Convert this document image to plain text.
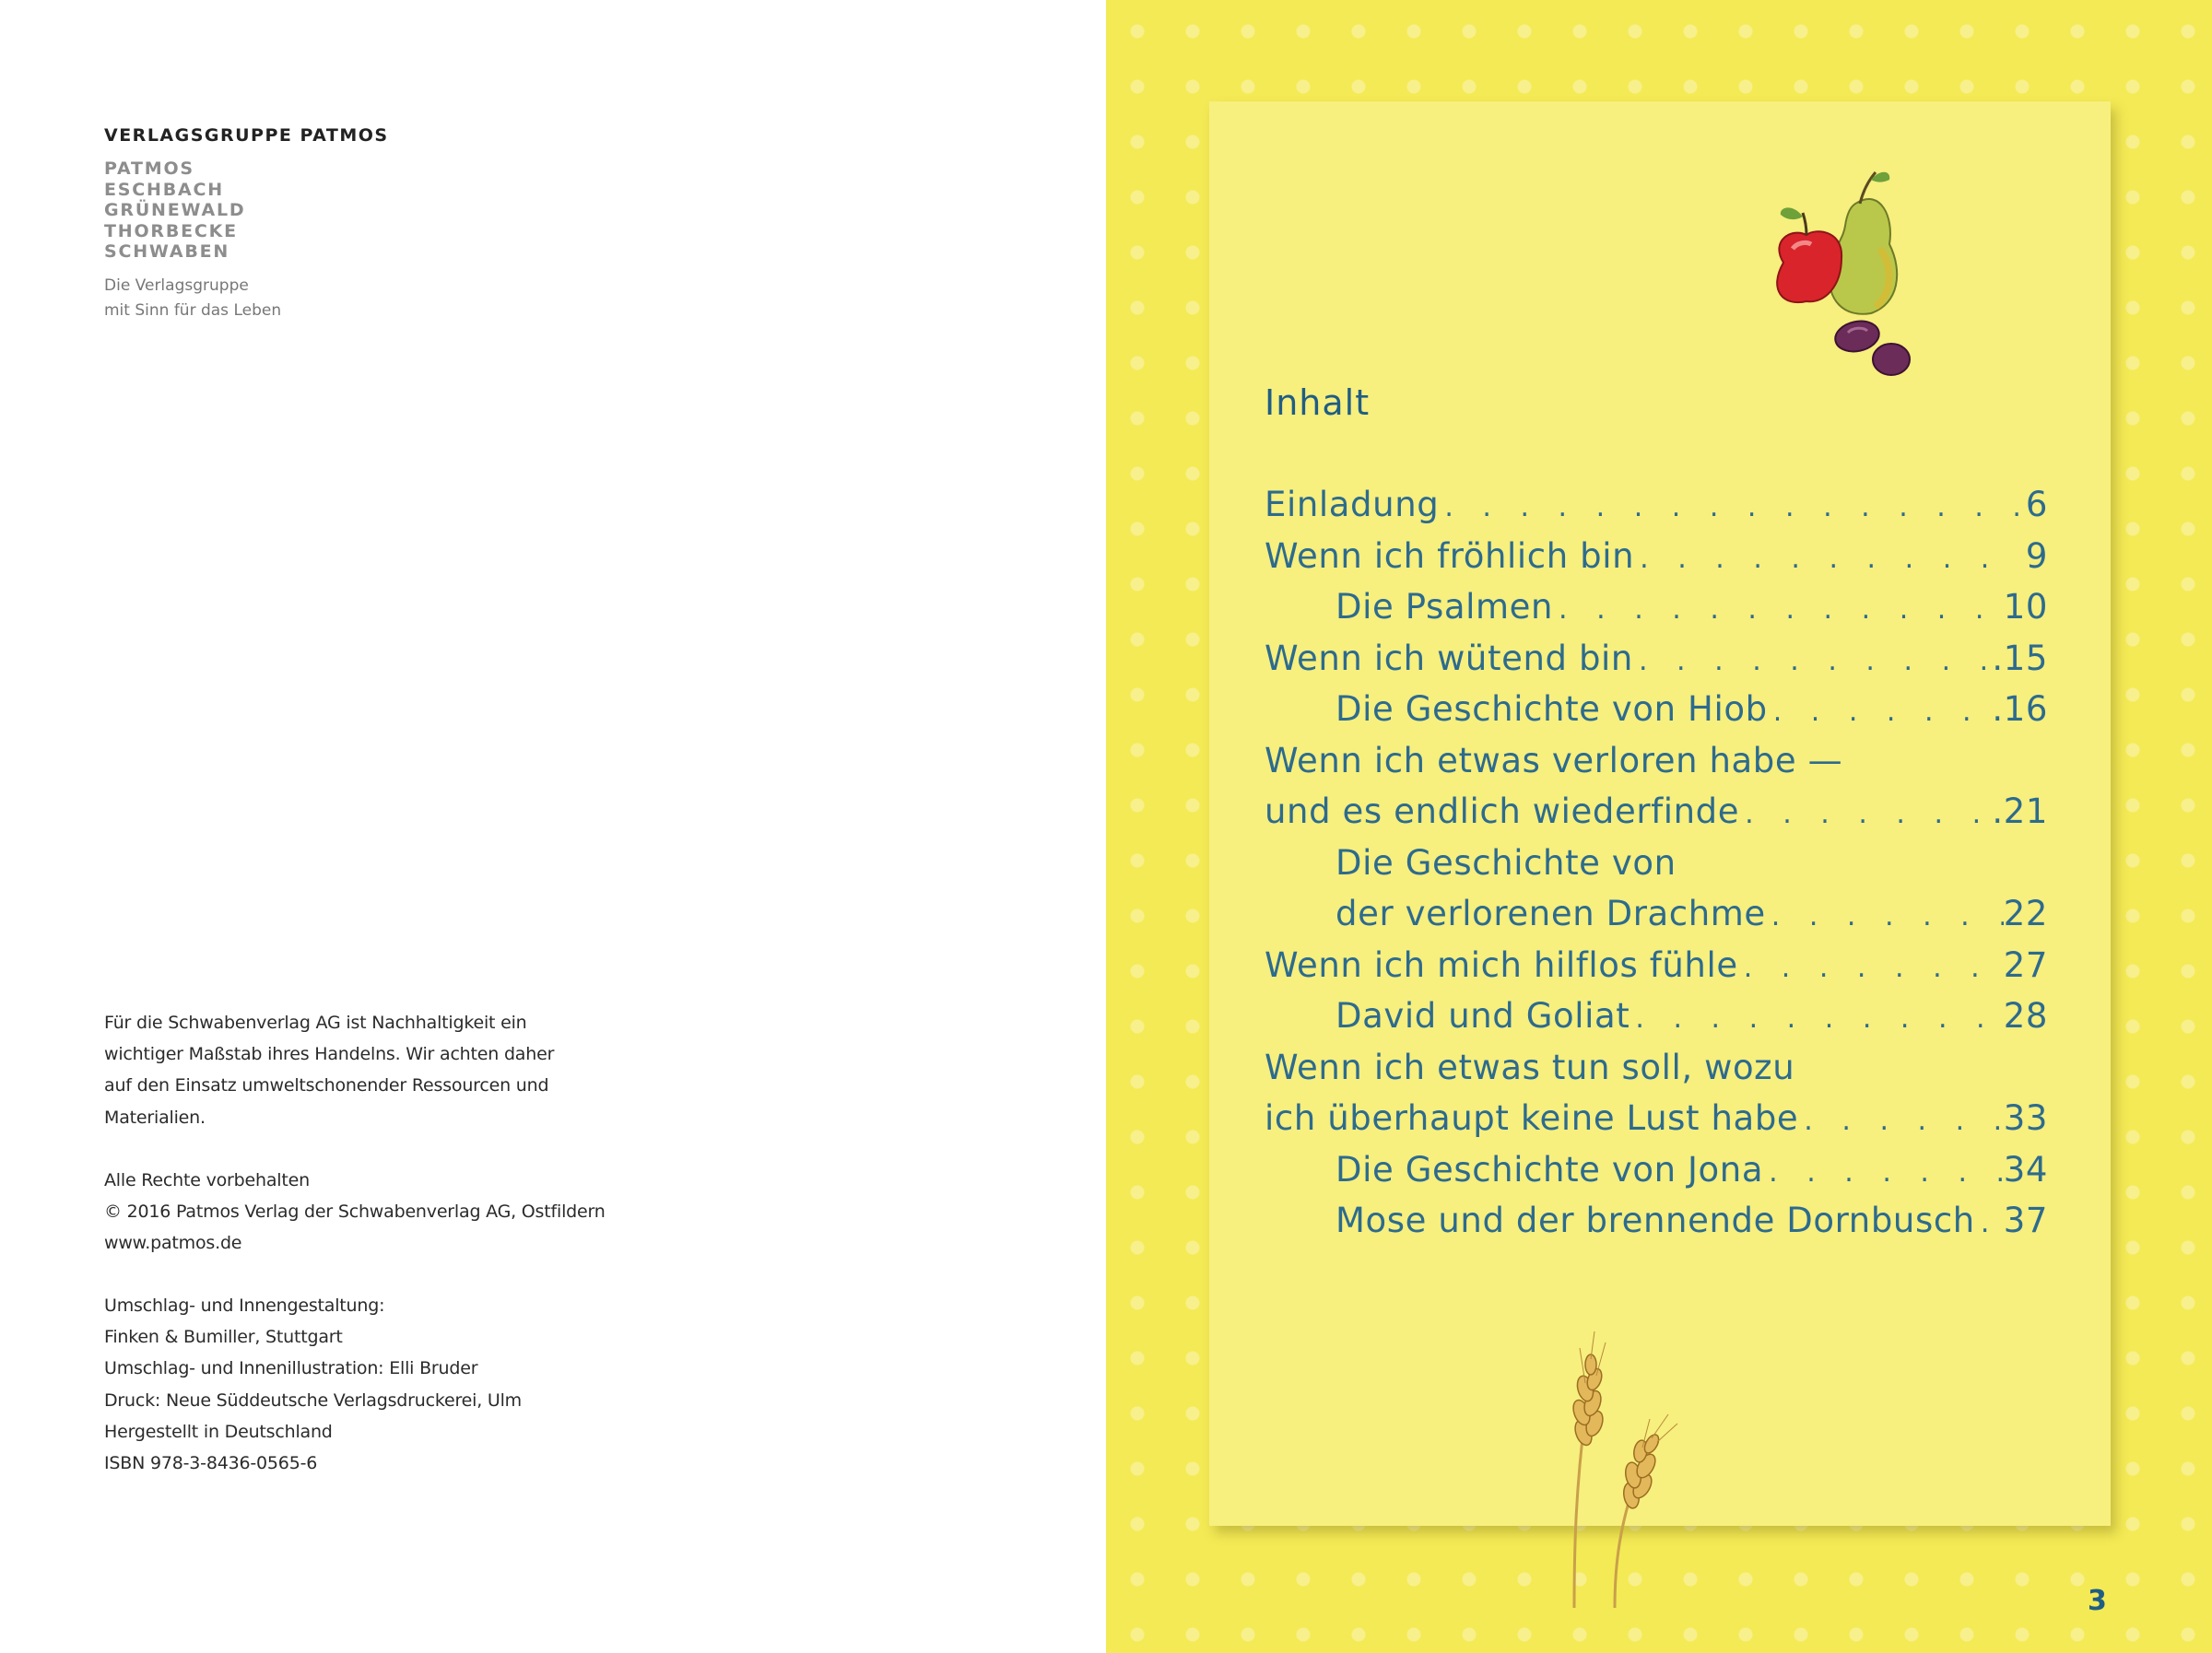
VERLAGSGRUPPE PATMOS
PATMOS
ESCHBACH
GRÜNEWALD
THORBECKE
SCHWABEN
Die Verlagsgruppe
mit Sinn für das Leben
Für die Schwabenverlag AG ist Nachhaltigkeit ein
wichtiger Maßstab ihres Handelns. Wir achten daher
auf den Einsatz umweltschonender Ressourcen und
Materialien.
Alle Rechte vorbehalten
© 2016 Patmos Verlag der Schwabenverlag AG, Ostfildern
www.patmos.de
Umschlag- und Innengestaltung:
Finken & Bumiller, Stuttgart
Umschlag- und Innenillustration: Elli Bruder
Druck: Neue Süddeutsche Verlagsdruckerei, Ulm
Hergestellt in Deutschland
ISBN 978-3-8436-0565-6
Inhalt
Einladung . . .	6
Wenn ich fröhlich bin . . .	9
Die Psalmen . . .	10
Wenn ich wütend bin . . .	.15
Die Geschichte von Hiob . . .	.16
Wenn ich etwas verloren habe —
und es endlich wiederfinde . . .	.21
Die Geschichte von
der verlorenen Drachme . . .	22
Wenn ich mich hilflos fühle . . .	27
David und Goliat . . .	28
Wenn ich etwas tun soll, wozu
ich überhaupt keine Lust habe . . .	33
Die Geschichte von Jona . . .	34
Mose und der brennende Dornbusch . . . 37
3
